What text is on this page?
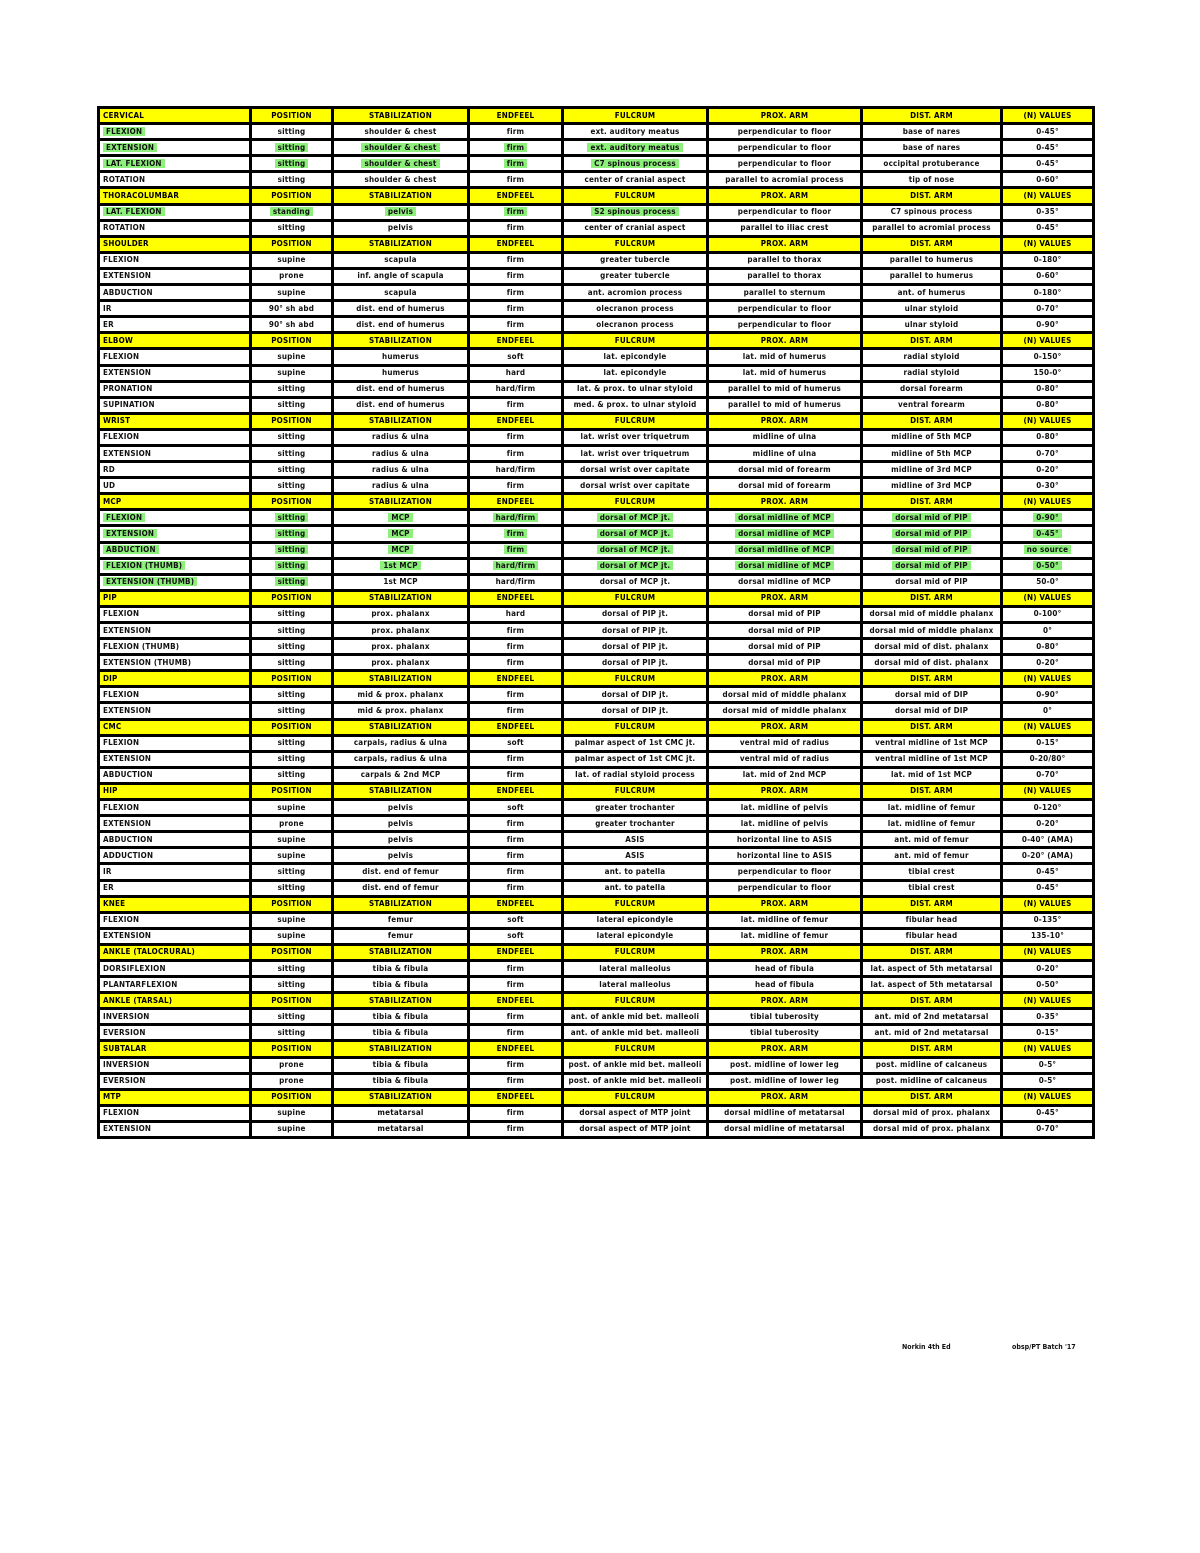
CERVICAL	POSITION	STABILIZATION	ENDFEEL	FULCRUM	PROX. ARM	DIST. ARM	(N) VALUES
FLEXION	sitting	shoulder & chest	firm	ext. auditory meatus	perpendicular to floor	base of nares	0-45°
EXTENSION	sitting	shoulder & chest	firm	ext. auditory meatus	perpendicular to floor	base of nares	0-45°
LAT. FLEXION	sitting	shoulder & chest	firm	C7 spinous process	perpendicular to floor	occipital protuberance	0-45°
ROTATION	sitting	shoulder & chest	firm	center of cranial aspect	parallel to acromial process	tip of nose	0-60°
THORACOLUMBAR	POSITION	STABILIZATION	ENDFEEL	FULCRUM	PROX. ARM	DIST. ARM	(N) VALUES
LAT. FLEXION	standing	pelvis	firm	S2 spinous process	perpendicular to floor	C7 spinous process	0-35°
ROTATION	sitting	pelvis	firm	center of cranial aspect	parallel to iliac crest	parallel to acromial process	0-45°
SHOULDER	POSITION	STABILIZATION	ENDFEEL	FULCRUM	PROX. ARM	DIST. ARM	(N) VALUES
FLEXION	supine	scapula	firm	greater tubercle	parallel to thorax	parallel to humerus	0-180°
EXTENSION	prone	inf. angle of scapula	firm	greater tubercle	parallel to thorax	parallel to humerus	0-60°
ABDUCTION	supine	scapula	firm	ant. acromion process	parallel to sternum	ant. of humerus	0-180°
IR	90° sh abd	dist. end of humerus	firm	olecranon process	perpendicular to floor	ulnar styloid	0-70°
ER	90° sh abd	dist. end of humerus	firm	olecranon process	perpendicular to floor	ulnar styloid	0-90°
ELBOW	POSITION	STABILIZATION	ENDFEEL	FULCRUM	PROX. ARM	DIST. ARM	(N) VALUES
FLEXION	supine	humerus	soft	lat. epicondyle	lat. mid of humerus	radial styloid	0-150°
EXTENSION	supine	humerus	hard	lat. epicondyle	lat. mid of humerus	radial styloid	150-0°
PRONATION	sitting	dist. end of humerus	hard/firm	lat. & prox. to ulnar styloid	parallel to mid of humerus	dorsal forearm	0-80°
SUPINATION	sitting	dist. end of humerus	firm	med. & prox. to ulnar styloid	parallel to mid of humerus	ventral forearm	0-80°
WRIST	POSITION	STABILIZATION	ENDFEEL	FULCRUM	PROX. ARM	DIST. ARM	(N) VALUES
FLEXION	sitting	radius & ulna	firm	lat. wrist over triquetrum	midline of ulna	midline of 5th MCP	0-80°
EXTENSION	sitting	radius & ulna	firm	lat. wrist over triquetrum	midline of ulna	midline of 5th MCP	0-70°
RD	sitting	radius & ulna	hard/firm	dorsal wrist over capitate	dorsal mid of forearm	midline of 3rd MCP	0-20°
UD	sitting	radius & ulna	firm	dorsal wrist over capitate	dorsal mid of forearm	midline of 3rd MCP	0-30°
MCP	POSITION	STABILIZATION	ENDFEEL	FULCRUM	PROX. ARM	DIST. ARM	(N) VALUES
FLEXION	sitting	MCP	hard/firm	dorsal of MCP jt.	dorsal midline of MCP	dorsal mid of PIP	0-90°
EXTENSION	sitting	MCP	firm	dorsal of MCP jt.	dorsal midline of MCP	dorsal mid of PIP	0-45°
ABDUCTION	sitting	MCP	firm	dorsal of MCP jt.	dorsal midline of MCP	dorsal mid of PIP	no source
FLEXION (THUMB)	sitting	1st MCP	hard/firm	dorsal of MCP jt.	dorsal midline of MCP	dorsal mid of PIP	0-50°
EXTENSION (THUMB)	sitting	1st MCP	hard/firm	dorsal of MCP jt.	dorsal midline of MCP	dorsal mid of PIP	50-0°
PIP	POSITION	STABILIZATION	ENDFEEL	FULCRUM	PROX. ARM	DIST. ARM	(N) VALUES
FLEXION	sitting	prox. phalanx	hard	dorsal of PIP jt.	dorsal mid of PIP	dorsal mid of middle phalanx	0-100°
EXTENSION	sitting	prox. phalanx	firm	dorsal of PIP jt.	dorsal mid of PIP	dorsal mid of middle phalanx	0°
FLEXION (THUMB)	sitting	prox. phalanx	firm	dorsal of PIP jt.	dorsal mid of PIP	dorsal mid of dist. phalanx	0-80°
EXTENSION (THUMB)	sitting	prox. phalanx	firm	dorsal of PIP jt.	dorsal mid of PIP	dorsal mid of dist. phalanx	0-20°
DIP	POSITION	STABILIZATION	ENDFEEL	FULCRUM	PROX. ARM	DIST. ARM	(N) VALUES
FLEXION	sitting	mid & prox. phalanx	firm	dorsal of DIP jt.	dorsal mid of middle phalanx	dorsal mid of DIP	0-90°
EXTENSION	sitting	mid & prox. phalanx	firm	dorsal of DIP jt.	dorsal mid of middle phalanx	dorsal mid of DIP	0°
CMC	POSITION	STABILIZATION	ENDFEEL	FULCRUM	PROX. ARM	DIST. ARM	(N) VALUES
FLEXION	sitting	carpals, radius & ulna	soft	palmar aspect of 1st CMC jt.	ventral mid of radius	ventral midline of 1st MCP	0-15°
EXTENSION	sitting	carpals, radius & ulna	firm	palmar aspect of 1st CMC jt.	ventral mid of radius	ventral midline of 1st MCP	0-20/80°
ABDUCTION	sitting	carpals & 2nd MCP	firm	lat. of radial styloid process	lat. mid of 2nd MCP	lat. mid of 1st MCP	0-70°
HIP	POSITION	STABILIZATION	ENDFEEL	FULCRUM	PROX. ARM	DIST. ARM	(N) VALUES
FLEXION	supine	pelvis	soft	greater trochanter	lat. midline of pelvis	lat. midline of femur	0-120°
EXTENSION	prone	pelvis	firm	greater trochanter	lat. midline of pelvis	lat. midline of femur	0-20°
ABDUCTION	supine	pelvis	firm	ASIS	horizontal line to ASIS	ant. mid of femur	0-40° (AMA)
ADDUCTION	supine	pelvis	firm	ASIS	horizontal line to ASIS	ant. mid of femur	0-20° (AMA)
IR	sitting	dist. end of femur	firm	ant. to patella	perpendicular to floor	tibial crest	0-45°
ER	sitting	dist. end of femur	firm	ant. to patella	perpendicular to floor	tibial crest	0-45°
KNEE	POSITION	STABILIZATION	ENDFEEL	FULCRUM	PROX. ARM	DIST. ARM	(N) VALUES
FLEXION	supine	femur	soft	lateral epicondyle	lat. midline of femur	fibular head	0-135°
EXTENSION	supine	femur	soft	lateral epicondyle	lat. midline of femur	fibular head	135-10°
ANKLE (TALOCRURAL)	POSITION	STABILIZATION	ENDFEEL	FULCRUM	PROX. ARM	DIST. ARM	(N) VALUES
DORSIFLEXION	sitting	tibia & fibula	firm	lateral malleolus	head of fibula	lat. aspect of 5th metatarsal	0-20°
PLANTARFLEXION	sitting	tibia & fibula	firm	lateral malleolus	head of fibula	lat. aspect of 5th metatarsal	0-50°
ANKLE (TARSAL)	POSITION	STABILIZATION	ENDFEEL	FULCRUM	PROX. ARM	DIST. ARM	(N) VALUES
INVERSION	sitting	tibia & fibula	firm	ant. of ankle mid bet. malleoli	tibial tuberosity	ant. mid of 2nd metatarsal	0-35°
EVERSION	sitting	tibia & fibula	firm	ant. of ankle mid bet. malleoli	tibial tuberosity	ant. mid of 2nd metatarsal	0-15°
SUBTALAR	POSITION	STABILIZATION	ENDFEEL	FULCRUM	PROX. ARM	DIST. ARM	(N) VALUES
INVERSION	prone	tibia & fibula	firm	post. of ankle mid bet. malleoli	post. midline of lower leg	post. midline of calcaneus	0-5°
EVERSION	prone	tibia & fibula	firm	post. of ankle mid bet. malleoli	post. midline of lower leg	post. midline of calcaneus	0-5°
MTP	POSITION	STABILIZATION	ENDFEEL	FULCRUM	PROX. ARM	DIST. ARM	(N) VALUES
FLEXION	supine	metatarsal	firm	dorsal aspect of MTP joint	dorsal midline of metatarsal	dorsal mid of prox. phalanx	0-45°
EXTENSION	supine	metatarsal	firm	dorsal aspect of MTP joint	dorsal midline of metatarsal	dorsal mid of prox. phalanx	0-70°
Norkin 4th Ed	obsp/PT Batch '17
